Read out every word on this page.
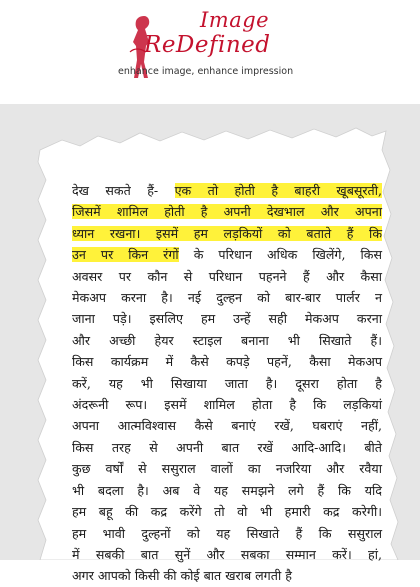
Image
ReDefined
enhance image, enhance impression
देख सकते हैं- एक तो होती है बाहरी खूबसूरती,
जिसमें शामिल होती है अपनी देखभाल और अपना
ध्यान रखना। इसमें हम लड़कियों को बताते हैं कि
उन पर किन रंगों के परिधान अधिक खिलेंगे, किस
अवसर पर कौन से परिधान पहनने हैं और कैसा
मेकअप करना है। नई दुल्हन को बार-बार पार्लर न
जाना पड़े। इसलिए हम उन्हें सही मेकअप करना
और अच्छी हेयर स्टाइल बनाना भी सिखाते हैं।
किस कार्यक्रम में कैसे कपड़े पहनें, कैसा मेकअप
करें, यह भी सिखाया जाता है। दूसरा होता है
अंदरूनी रूप। इसमें शामिल होता है कि लड़कियां
अपना आत्मविश्वास कैसे बनाएं रखें, घबराएं नहीं,
किस तरह से अपनी बात रखें आदि-आदि। बीते
कुछ वर्षों से ससुराल वालों का नजरिया और रवैया
भी बदला है। अब वे यह समझने लगे हैं कि यदि
हम बहू की कद्र करेंगे तो वो भी हमारी कद्र करेगी।
हम भावी दुल्हनों को यह सिखाते हैं कि ससुराल
में सबकी बात सुनें और सबका सम्मान करें। हां,
अगर आपको किसी की कोई बात खराब लगती है
